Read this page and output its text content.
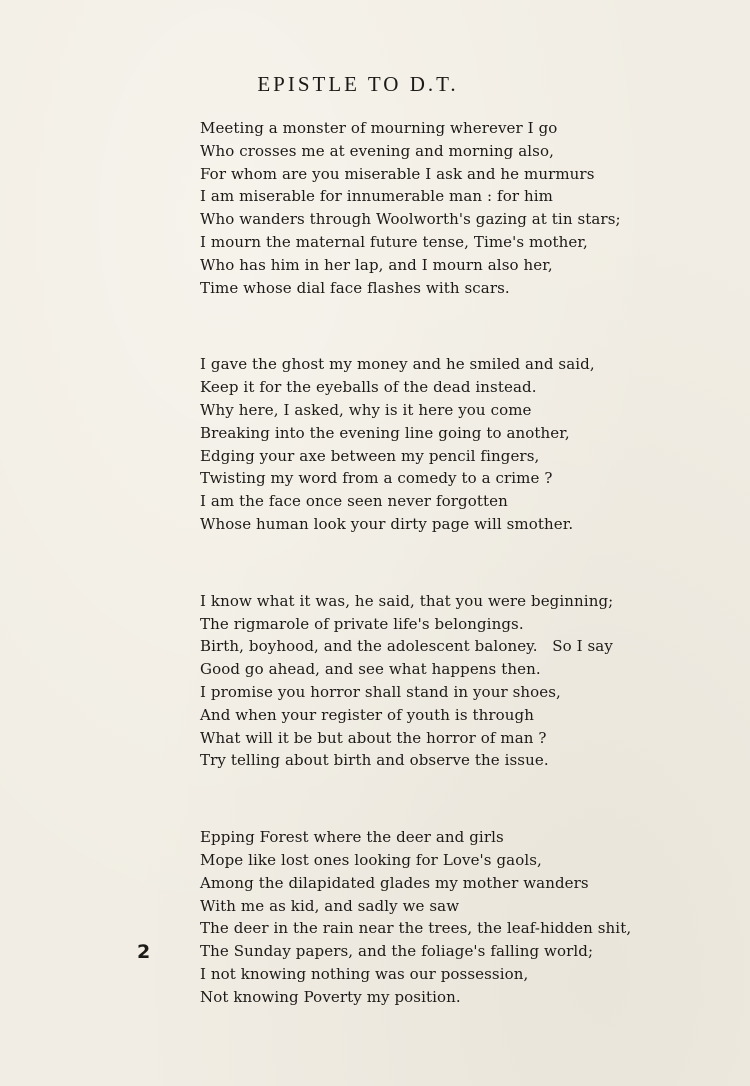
EPISTLE TO D.T.
Meeting a monster of mourning wherever I go
Who crosses me at evening and morning also,
For whom are you miserable I ask and he murmurs
I am miserable for innumerable man : for him
Who wanders through Woolworth's gazing at tin stars;
I mourn the maternal future tense, Time's mother,
Who has him in her lap, and I mourn also her,
Time whose dial face flashes with scars.
I gave the ghost my money and he smiled and said,
Keep it for the eyeballs of the dead instead.
Why here, I asked, why is it here you come
Breaking into the evening line going to another,
Edging your axe between my pencil fingers,
Twisting my word from a comedy to a crime ?
I am the face once seen never forgotten
Whose human look your dirty page will smother.
I know what it was, he said, that you were beginning;
The rigmarole of private life's belongings.
Birth, boyhood, and the adolescent baloney.   So I say
Good go ahead, and see what happens then.
I promise you horror shall stand in your shoes,
And when your register of youth is through
What will it be but about the horror of man ?
Try telling about birth and observe the issue.
Epping Forest where the deer and girls
Mope like lost ones looking for Love's gaols,
Among the dilapidated glades my mother wanders
With me as kid, and sadly we saw
The deer in the rain near the trees, the leaf-hidden shit,
The Sunday papers, and the foliage's falling world;
I not knowing nothing was our possession,
Not knowing Poverty my position.
2
